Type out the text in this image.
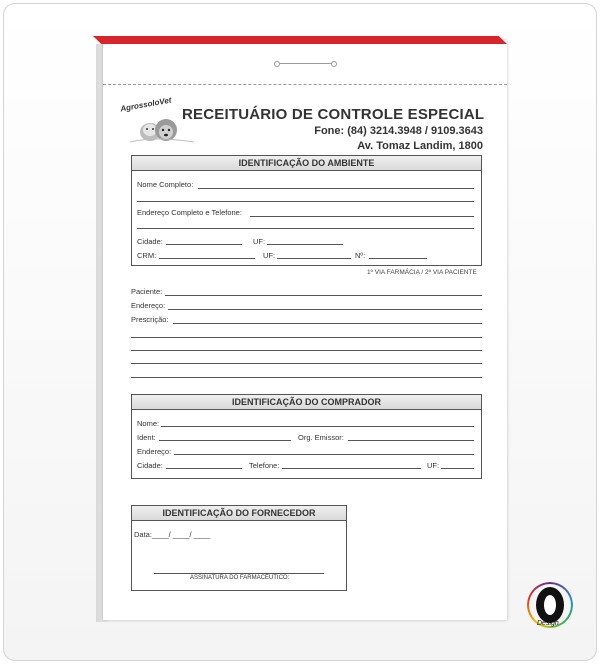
AgrossoloVet
RECEITUÁRIO DE CONTROLE ESPECIAL
Fone: (84) 3214.3948 / 9109.3643
Av. Tomaz Landim, 1800
IDENTIFICAÇÃO DO AMBIENTE
Nome Completo:
Endereço Completo e Telefone:
Cidade:	UF:
CRM:	UF:	Nº:
1º VIA FARMÁCIA / 2ª VIA PACIENTE
Paciente:
Endereço:
Prescrição:
IDENTIFICAÇÃO DO COMPRADOR
Nome:
Ident:	Org. Emissor:
Endereço:
Cidade:	Telefone:	UF:
IDENTIFICAÇÃO DO FORNECEDOR
Data:____/ ____/ ____
ASSINATURA DO FARMACÊUTICO:
Design
